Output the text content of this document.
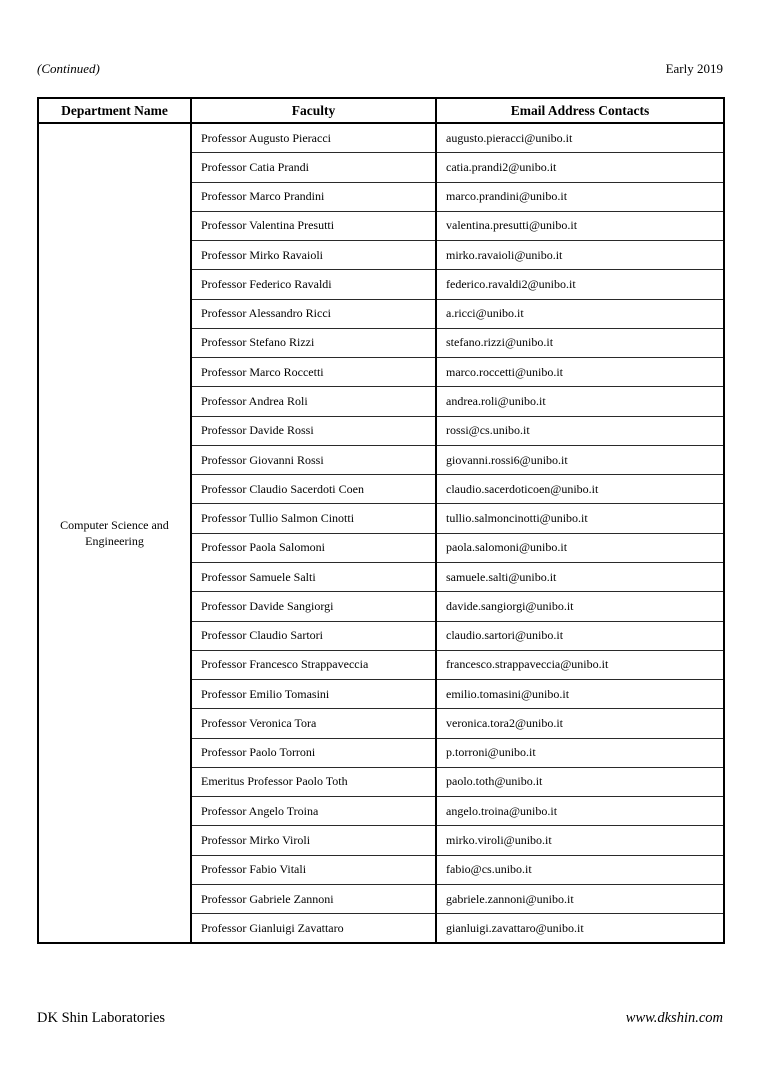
(Continued)	Early 2019
Department Name	Faculty	Email Address Contacts
Computer Science and Engineering	Professor Augusto Pieracci	augusto.pieracci@unibo.it
	Professor Catia Prandi	catia.prandi2@unibo.it
	Professor Marco Prandini	marco.prandini@unibo.it
	Professor Valentina Presutti	valentina.presutti@unibo.it
	Professor Mirko Ravaioli	mirko.ravaioli@unibo.it
	Professor Federico Ravaldi	federico.ravaldi2@unibo.it
	Professor Alessandro Ricci	a.ricci@unibo.it
	Professor Stefano Rizzi	stefano.rizzi@unibo.it
	Professor Marco Roccetti	marco.roccetti@unibo.it
	Professor Andrea Roli	andrea.roli@unibo.it
	Professor Davide Rossi	rossi@cs.unibo.it
	Professor Giovanni Rossi	giovanni.rossi6@unibo.it
	Professor Claudio Sacerdoti Coen	claudio.sacerdoticoen@unibo.it
	Professor Tullio Salmon Cinotti	tullio.salmoncinotti@unibo.it
	Professor Paola Salomoni	paola.salomoni@unibo.it
	Professor Samuele Salti	samuele.salti@unibo.it
	Professor Davide Sangiorgi	davide.sangiorgi@unibo.it
	Professor Claudio Sartori	claudio.sartori@unibo.it
	Professor Francesco Strappaveccia	francesco.strappaveccia@unibo.it
	Professor Emilio Tomasini	emilio.tomasini@unibo.it
	Professor Veronica Tora	veronica.tora2@unibo.it
	Professor Paolo Torroni	p.torroni@unibo.it
	Emeritus Professor Paolo Toth	paolo.toth@unibo.it
	Professor Angelo Troina	angelo.troina@unibo.it
	Professor Mirko Viroli	mirko.viroli@unibo.it
	Professor Fabio Vitali	fabio@cs.unibo.it
	Professor Gabriele Zannoni	gabriele.zannoni@unibo.it
	Professor Gianluigi Zavattaro	gianluigi.zavattaro@unibo.it
DK Shin Laboratories	www.dkshin.com
